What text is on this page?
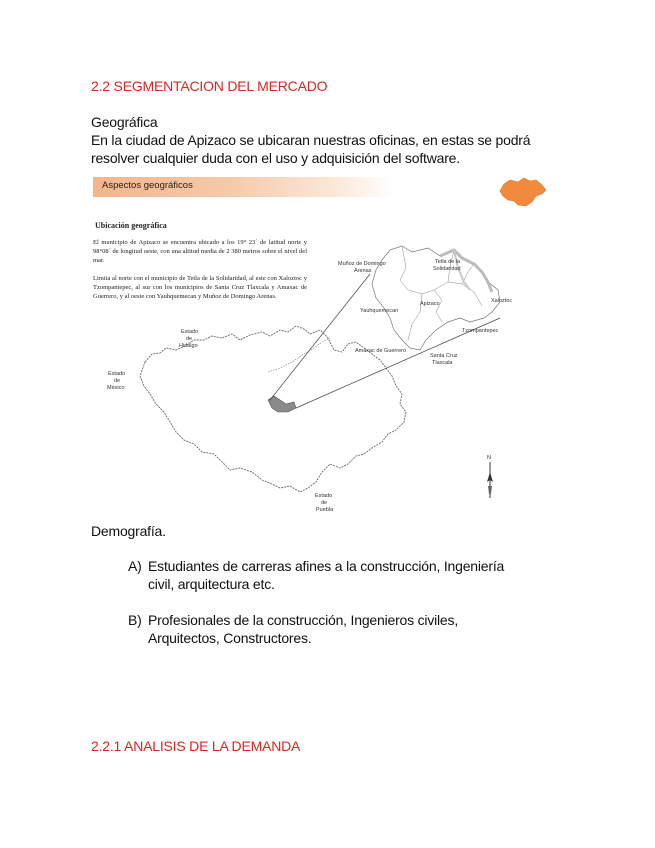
2.2 SEGMENTACION DEL MERCADO
Geográfica
En la ciudad de Apizaco se ubicaran nuestras oficinas, en estas se podrá resolver cualquier duda con el uso y adquisición del software.
Aspectos geográficos
Ubicación geográfica
El municipio de Apizaco se encuentra ubicado a los 19° 23´ de latitud norte y 98°08´ de longitud oeste, con una altitud media de 2 380 metros sobre el nivel del mar.
Limita al norte con el municipio de Tetla de la Solidaridad, al este con Xaloztoc y Tzompantepec, al sur con los municipios de Santa Cruz Tlaxcala y Amaxac de Guerrero, y al oeste con Yauhquemecan y Muñoz de Domingo Arenas.
Muñoz de Domingo
Arenas
Tetla de la
Solidaridad
Xaloztoc
Yauhquemecan
Apizaco
Tzompantepec
Amaxac de Guerrero
Santa Cruz
Tlaxcala
Estado
de
Hidalgo
Estado
de
México
Estado
de
Puebla
N
Demografía.
A) Estudiantes de carreras afines a la construcción, Ingeniería civil, arquitectura etc.
B) Profesionales de la construcción, Ingenieros civiles, Arquitectos, Constructores.
2.2.1 ANALISIS DE LA DEMANDA
